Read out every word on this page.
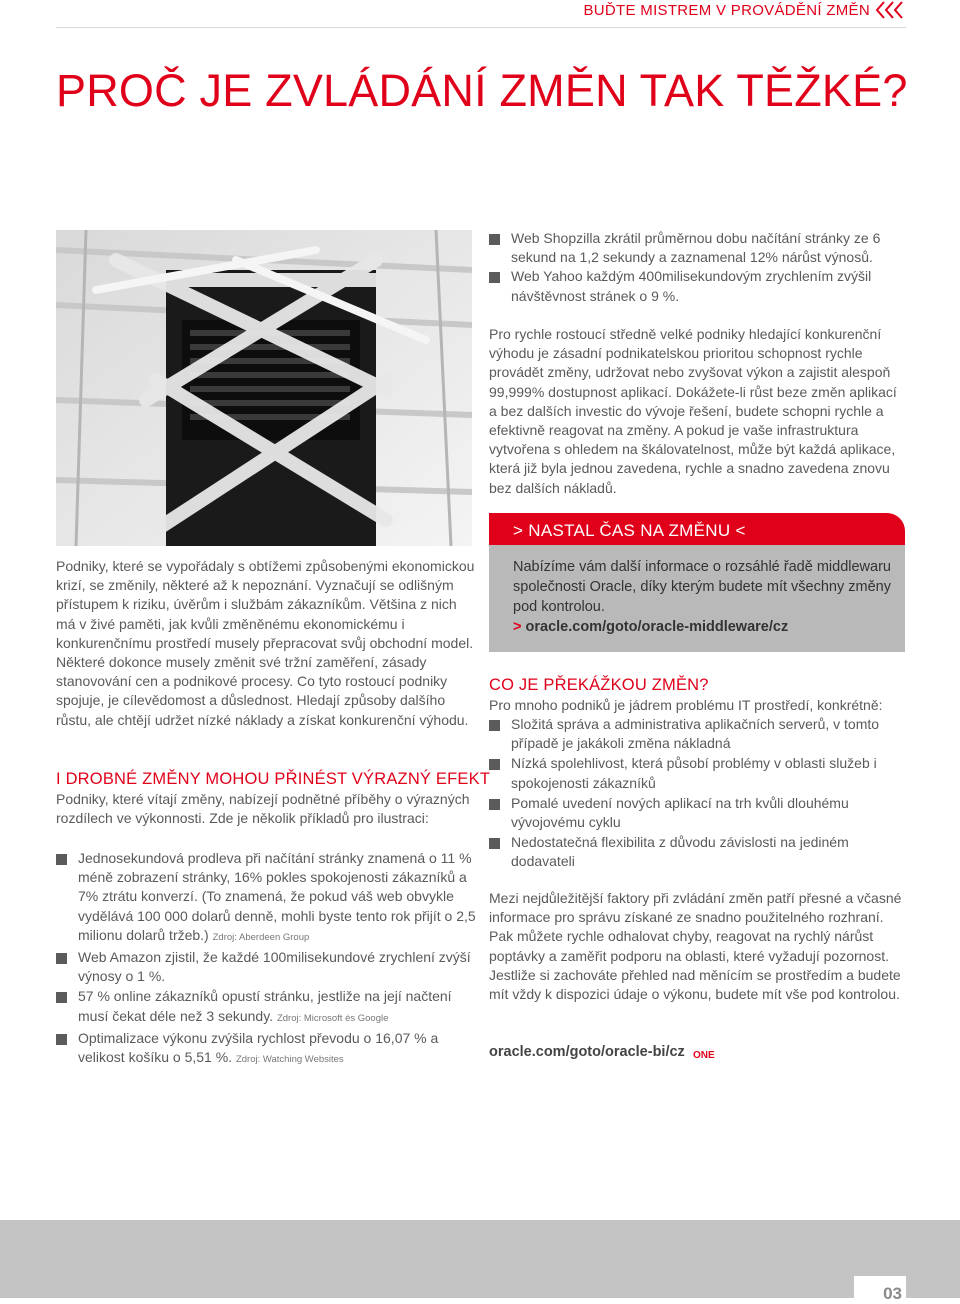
BUĎTE MISTREM V PROVÁDĚNÍ ZMĚN
PROČ JE ZVLÁDÁNÍ ZMĚN TAK TĚŽKÉ?
Web Shopzilla zkrátil průměrnou dobu načítání stránky ze 6 sekund na 1,2 sekundy a zaznamenal 12% nárůst výnosů.
Web Yahoo každým 400milisekundovým zrychlením zvýšil návštěvnost stránek o 9 %.

Pro rychle rostoucí středně velké podniky hledající konkurenční výhodu je zásadní podnikatelskou prioritou schopnost rychle provádět změny, udržovat nebo zvyšovat výkon a zajistit alespoň 99,999% dostupnost aplikací. Dokážete-li růst beze změn aplikací a bez dalších investic do vývoje řešení, budete schopni rychle a efektivně reagovat na změny. A pokud je vaše infrastruktura vytvořena s ohledem na škálovatelnost, může být každá aplikace, která již byla jednou zavedena, rychle a snadno zavedena znovu bez dalších nákladů.

> NASTAL ČAS NA ZMĚNU <

Nabízíme vám další informace o rozsáhlé řadě middlewaru společnosti Oracle, díky kterým budete mít všechny změny pod kontrolou.
> oracle.com/goto/oracle-middleware/cz

Podniky, které se vypořádaly s obtížemi způsobenými ekonomickou krizí, se změnily, některé až k nepoznání. Vyznačují se odlišným přístupem k riziku, úvěrům i službám zákazníkům. Většina z nich má v živé paměti, jak kvůli změněnému ekonomickému i konkurenčnímu prostředí musely přepracovat svůj obchodní model. Některé dokonce musely změnit své tržní zaměření, zásady stanovování cen a podnikové procesy. Co tyto rostoucí podniky spojuje, je cílevědomost a důslednost. Hledají způsoby dalšího růstu, ale chtějí udržet nízké náklady a získat konkurenční výhodu.

I DROBNÉ ZMĚNY MOHOU PŘINÉST VÝRAZNÝ EFEKT

Podniky, které vítají změny, nabízejí podnětné příběhy o výrazných rozdílech ve výkonnosti. Zde je několik příkladů pro ilustraci:

Jednosekundová prodleva při načítání stránky znamená o 11 % méně zobrazení stránky, 16% pokles spokojenosti zákazníků a 7% ztrátu konverzí. (To znamená, že pokud váš web obvykle vydělává 100 000 dolarů denně, mohli byste tento rok přijít o 2,5 milionu dolarů tržeb.) Zdroj: Aberdeen Group
Web Amazon zjistil, že každé 100milisekundové zrychlení zvýší výnosy o 1 %.
57 % online zákazníků opustí stránku, jestliže na její načtení musí čekat déle než 3 sekundy. Zdroj: Microsoft és Google
Optimalizace výkonu zvýšila rychlost převodu o 16,07 % a velikost košíku o 5,51 %. Zdroj: Watching Websites
CO JE PŘEKÁŽKOU ZMĚN?

Pro mnoho podniků je jádrem problému IT prostředí, konkrétně:

Složitá správa a administrativa aplikačních serverů, v tomto případě je jakákoli změna nákladná
Nízká spolehlivost, která působí problémy v oblasti služeb i spokojenosti zákazníků
Pomalé uvedení nových aplikací na trh kvůli dlouhému vývojovému cyklu
Nedostatečná flexibilita z důvodu závislosti na jediném dodavateli

Mezi nejdůležitější faktory při zvládání změn patří přesné a včasné informace pro správu získané ze snadno použitelného rozhraní. Pak můžete rychle odhalovat chyby, reagovat na rychlý nárůst poptávky a zaměřit podporu na oblasti, které vyžadují pozornost. Jestliže si zachováte přehled nad měnícím se prostředím a budete mít vždy k dispozici údaje o výkonu, budete mít vše pod kontrolou.

oracle.com/goto/oracle-bi/cz ONE
03
